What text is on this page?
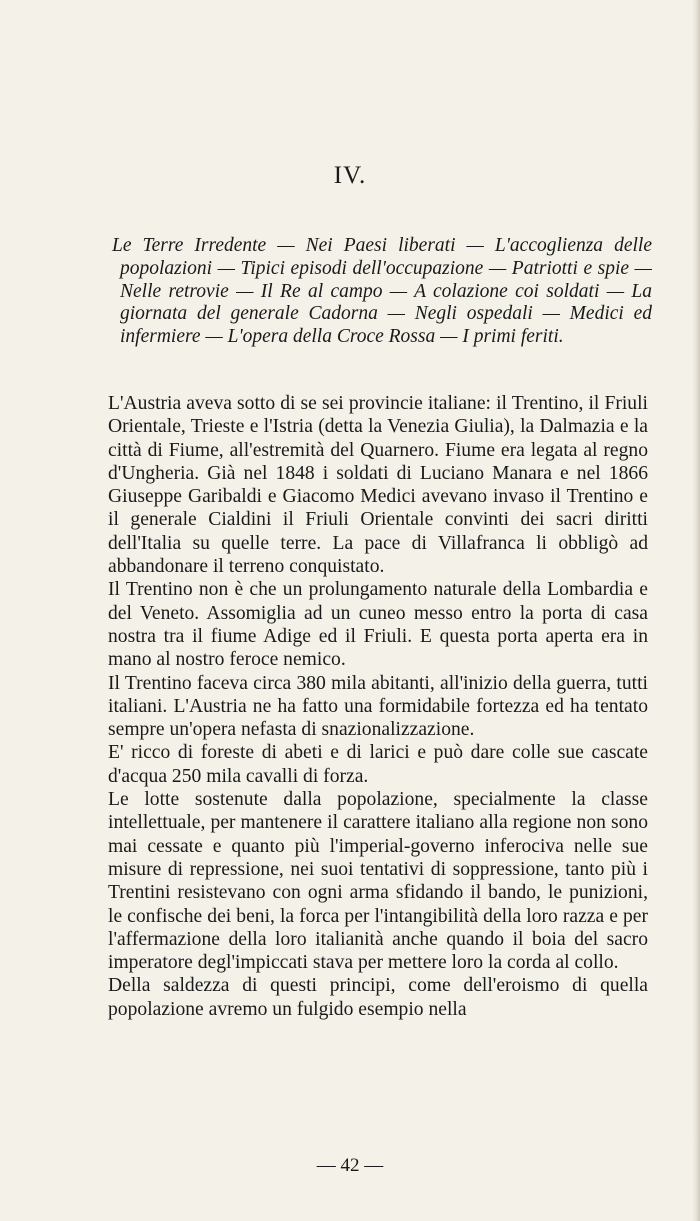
IV.
Le Terre Irredente — Nei Paesi liberati — L'accoglienza delle popolazioni — Tipici episodi dell'occupazione — Patriotti e spie — Nelle retrovie — Il Re al campo — A colazione coi soldati — La giornata del generale Cadorna — Negli ospedali — Medici ed infermiere — L'opera della Croce Rossa — I primi feriti.

L'Austria aveva sotto di se sei provincie italiane: il Trentino, il Friuli Orientale, Trieste e l'Istria (detta la Venezia Giulia), la Dalmazia e la città di Fiume, all'estremità del Quarnero. Fiume era legata al regno d'Ungheria. Già nel 1848 i soldati di Luciano Manara e nel 1866 Giuseppe Garibaldi e Giacomo Medici avevano invaso il Trentino e il generale Cialdini il Friuli Orientale convinti dei sacri diritti dell'Italia su quelle terre. La pace di Villafranca li obbligò ad abbandonare il terreno conquistato.

Il Trentino non è che un prolungamento naturale della Lombardia e del Veneto. Assomiglia ad un cuneo messo entro la porta di casa nostra tra il fiume Adige ed il Friuli. E questa porta aperta era in mano al nostro feroce nemico.

Il Trentino faceva circa 380 mila abitanti, all'inizio della guerra, tutti italiani. L'Austria ne ha fatto una formidabile fortezza ed ha tentato sempre un'opera nefasta di snazionalizzazione.

E' ricco di foreste di abeti e di larici e può dare colle sue cascate d'acqua 250 mila cavalli di forza.

Le lotte sostenute dalla popolazione, specialmente la classe intellettuale, per mantenere il carattere italiano alla regione non sono mai cessate e quanto più l'imperial-governo inferociva nelle sue misure di repressione, nei suoi tentativi di soppressione, tanto più i Trentini resistevano con ogni arma sfidando il bando, le punizioni, le confische dei beni, la forca per l'intangibilità della loro razza e per l'affermazione della loro italianità anche quando il boia del sacro imperatore degl'impiccati stava per mettere loro la corda al collo.

Della saldezza di questi principi, come dell'eroismo di quella popolazione avremo un fulgido esempio nella

— 42 —
